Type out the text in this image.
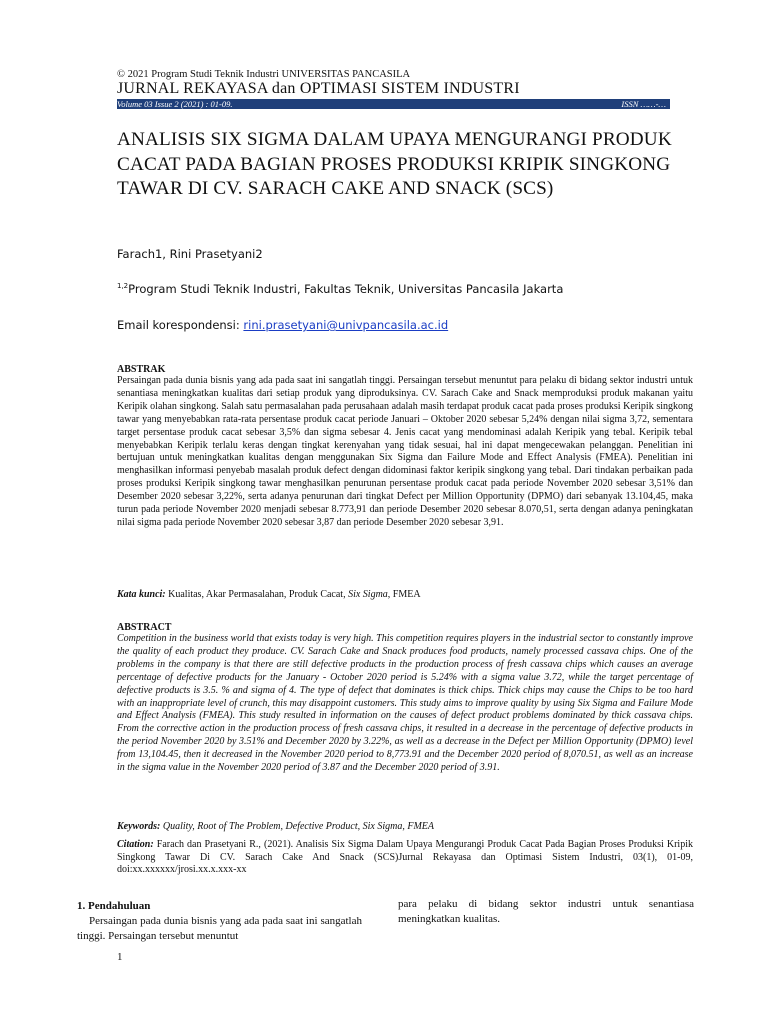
© 2021 Program Studi Teknik Industri UNIVERSITAS PANCASILA
JURNAL REKAYASA dan OPTIMASI SISTEM INDUSTRI
Volume 03 Issue 2 (2021) : 01-09.	ISSN ……-…
ANALISIS SIX SIGMA DALAM UPAYA MENGURANGI PRODUK CACAT PADA BAGIAN PROSES PRODUKSI KRIPIK SINGKONG TAWAR DI CV. SARACH CAKE AND SNACK (SCS)
Farach1, Rini Prasetyani2
$^{1,2}$Program Studi Teknik Industri, Fakultas Teknik, Universitas Pancasila Jakarta
Email korespondensi: rini.prasetyani@univpancasila.ac.id
ABSTRAK
Persaingan pada dunia bisnis yang ada pada saat ini sangatlah tinggi. Persaingan tersebut menuntut para pelaku di bidang sektor industri untuk senantiasa meningkatkan kualitas dari setiap produk yang diproduksinya. CV. Sarach Cake and Snack memproduksi produk makanan yaitu Keripik olahan singkong. Salah satu permasalahan pada perusahaan adalah masih terdapat produk cacat pada proses produksi Keripik singkong tawar yang menyebabkan rata-rata persentase produk cacat periode Januari – Oktober 2020 sebesar 5,24% dengan nilai sigma 3,72, sementara target persentase produk cacat sebesar 3,5% dan sigma sebesar 4. Jenis cacat yang mendominasi adalah Keripik yang tebal. Keripik tebal menyebabkan Keripik terlalu keras dengan tingkat kerenyahan yang tidak sesuai, hal ini dapat mengecewakan pelanggan. Penelitian ini bertujuan untuk meningkatkan kualitas dengan menggunakan Six Sigma dan Failure Mode and Effect Analysis (FMEA). Penelitian ini menghasilkan informasi penyebab masalah produk defect dengan didominasi faktor keripik singkong yang tebal. Dari tindakan perbaikan pada proses produksi Keripik singkong tawar menghasilkan penurunan persentase produk cacat pada periode November 2020 sebesar 3,51% dan Desember 2020 sebesar 3,22%, serta adanya penurunan dari tingkat Defect per Million Opportunity (DPMO) dari sebanyak 13.104,45, maka turun pada periode November 2020 menjadi sebesar 8.773,91 dan periode Desember 2020 sebesar 8.070,51, serta dengan adanya peningkatan nilai sigma pada periode November 2020 sebesar 3,87 dan periode Desember 2020 sebesar 3,91.
Kata kunci: Kualitas, Akar Permasalahan, Produk Cacat, Six Sigma, FMEA
ABSTRACT
Competition in the business world that exists today is very high. This competition requires players in the industrial sector to constantly improve the quality of each product they produce. CV. Sarach Cake and Snack produces food products, namely processed cassava chips. One of the problems in the company is that there are still defective products in the production process of fresh cassava chips which causes an average percentage of defective products for the January - October 2020 period is 5.24% with a sigma value 3.72, while the target percentage of defective products is 3.5. % and sigma of 4. The type of defect that dominates is thick chips. Thick chips may cause the Chips to be too hard with an inappropriate level of crunch, this may disappoint customers. This study aims to improve quality by using Six Sigma and Failure Mode and Effect Analysis (FMEA). This study resulted in information on the causes of defect product problems dominated by thick cassava chips. From the corrective action in the production process of fresh cassava chips, it resulted in a decrease in the percentage of defective products in the period November 2020 by 3.51% and December 2020 by 3.22%, as well as a decrease in the Defect per Million Opportunity (DPMO) level from 13,104.45, then it decreased in the November 2020 period to 8,773.91 and the December 2020 period of 8,070.51, as well as an increase in the sigma value in the November 2020 period of 3.87 and the December 2020 period of 3.91.
Keywords: Quality, Root of The Problem, Defective Product, Six Sigma, FMEA
Citation: Farach dan Prasetyani R., (2021). Analisis Six Sigma Dalam Upaya Mengurangi Produk Cacat Pada Bagian Proses Produksi Kripik Singkong Tawar Di CV. Sarach Cake And Snack (SCS)Jurnal Rekayasa dan Optimasi Sistem Industri, 03(1), 01-09, doi:xx.xxxxxx/jrosi.xx.x.xxx-xx
1. Pendahuluan
Persaingan pada dunia bisnis yang ada pada saat ini sangatlah tinggi. Persaingan tersebut menuntut
para pelaku di bidang sektor industri untuk senantiasa meningkatkan kualitas.
1
